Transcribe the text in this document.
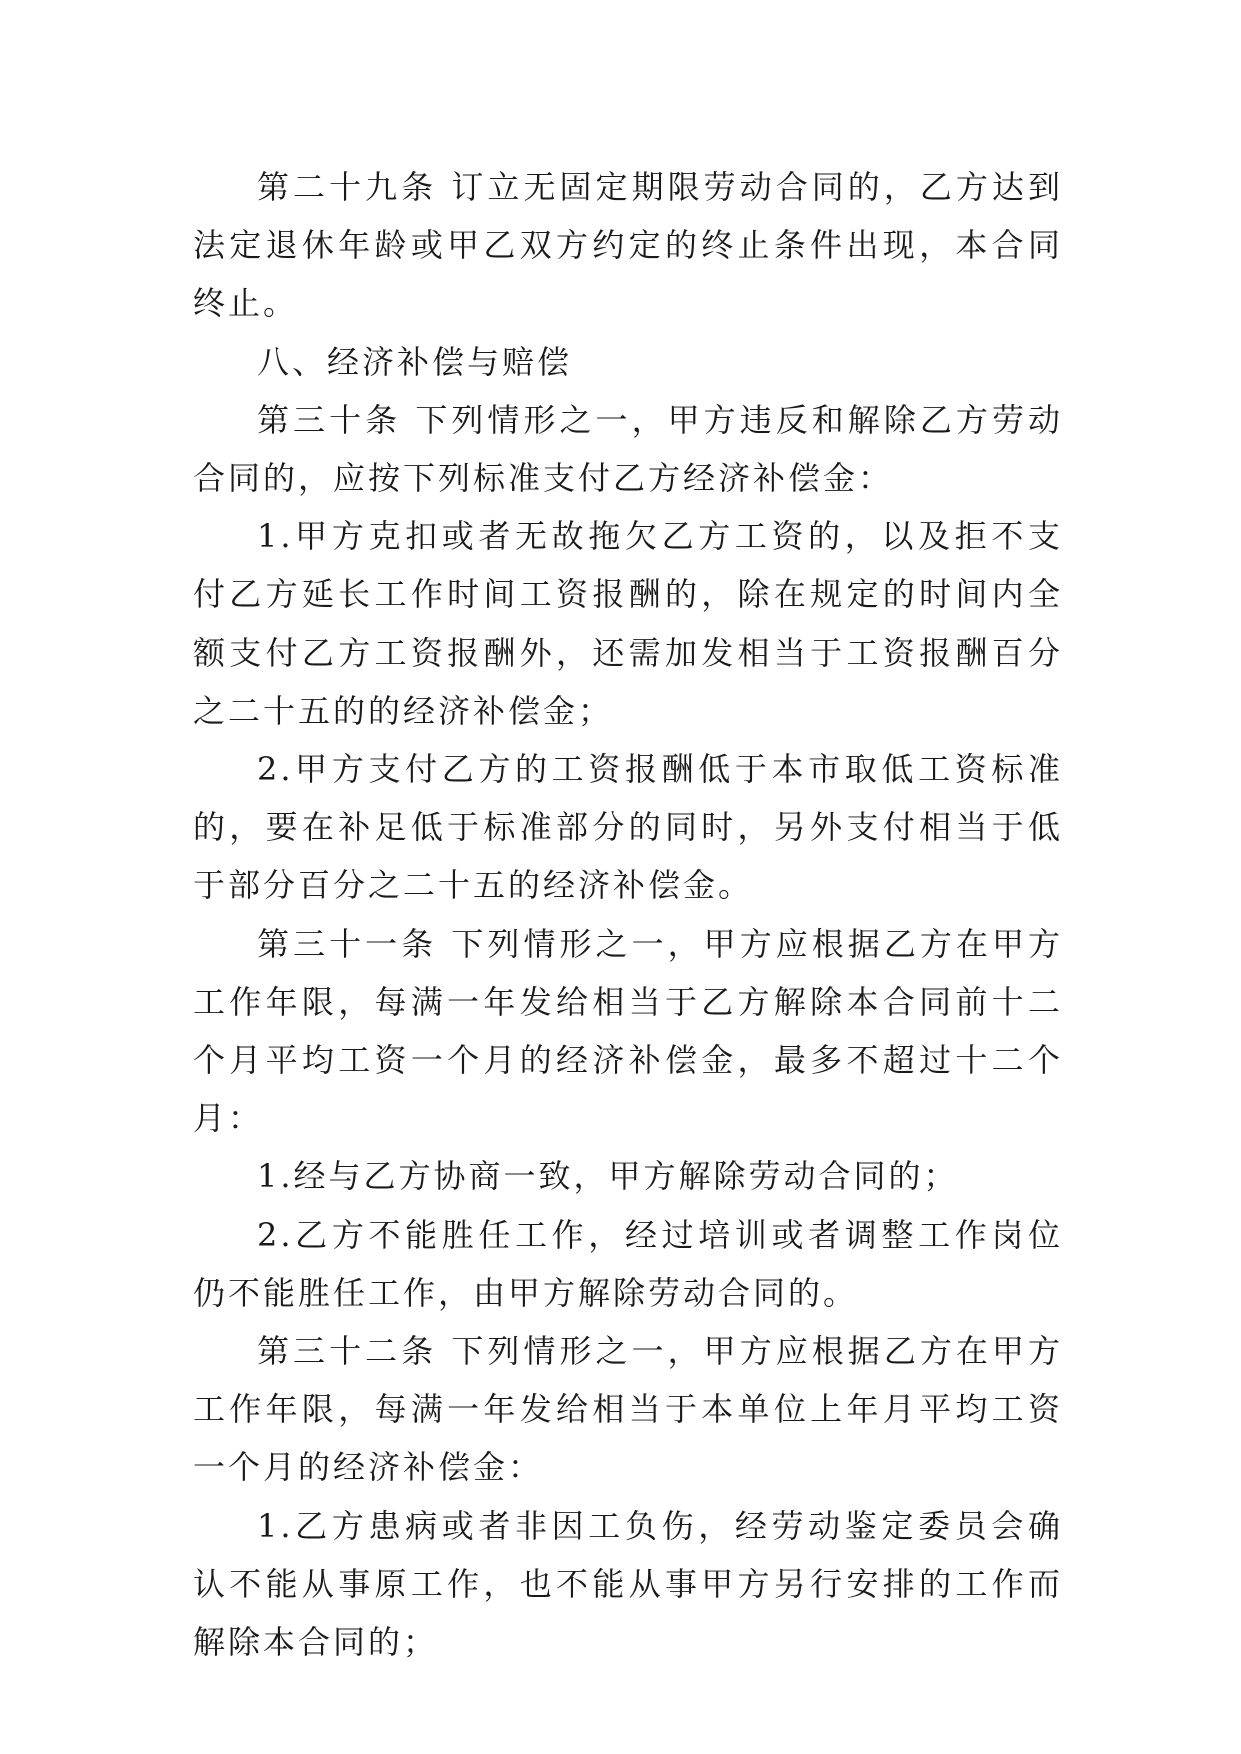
第二十九条 订立无固定期限劳动合同的，乙方达到法定退休年龄或甲乙双方约定的终止条件出现，本合同终止。

八、经济补偿与赔偿

第三十条 下列情形之一，甲方违反和解除乙方劳动合同的，应按下列标准支付乙方经济补偿金：

1.甲方克扣或者无故拖欠乙方工资的，以及拒不支付乙方延长工作时间工资报酬的，除在规定的时间内全额支付乙方工资报酬外，还需加发相当于工资报酬百分之二十五的的经济补偿金；

2.甲方支付乙方的工资报酬低于本市取低工资标准的，要在补足低于标准部分的同时，另外支付相当于低于部分百分之二十五的经济补偿金。

第三十一条 下列情形之一，甲方应根据乙方在甲方工作年限，每满一年发给相当于乙方解除本合同前十二个月平均工资一个月的经济补偿金，最多不超过十二个月：

1.经与乙方协商一致，甲方解除劳动合同的；

2.乙方不能胜任工作，经过培训或者调整工作岗位仍不能胜任工作，由甲方解除劳动合同的。

第三十二条 下列情形之一，甲方应根据乙方在甲方工作年限，每满一年发给相当于本单位上年月平均工资一个月的经济补偿金：

1.乙方患病或者非因工负伤，经劳动鉴定委员会确认不能从事原工作，也不能从事甲方另行安排的工作而解除本合同的；
